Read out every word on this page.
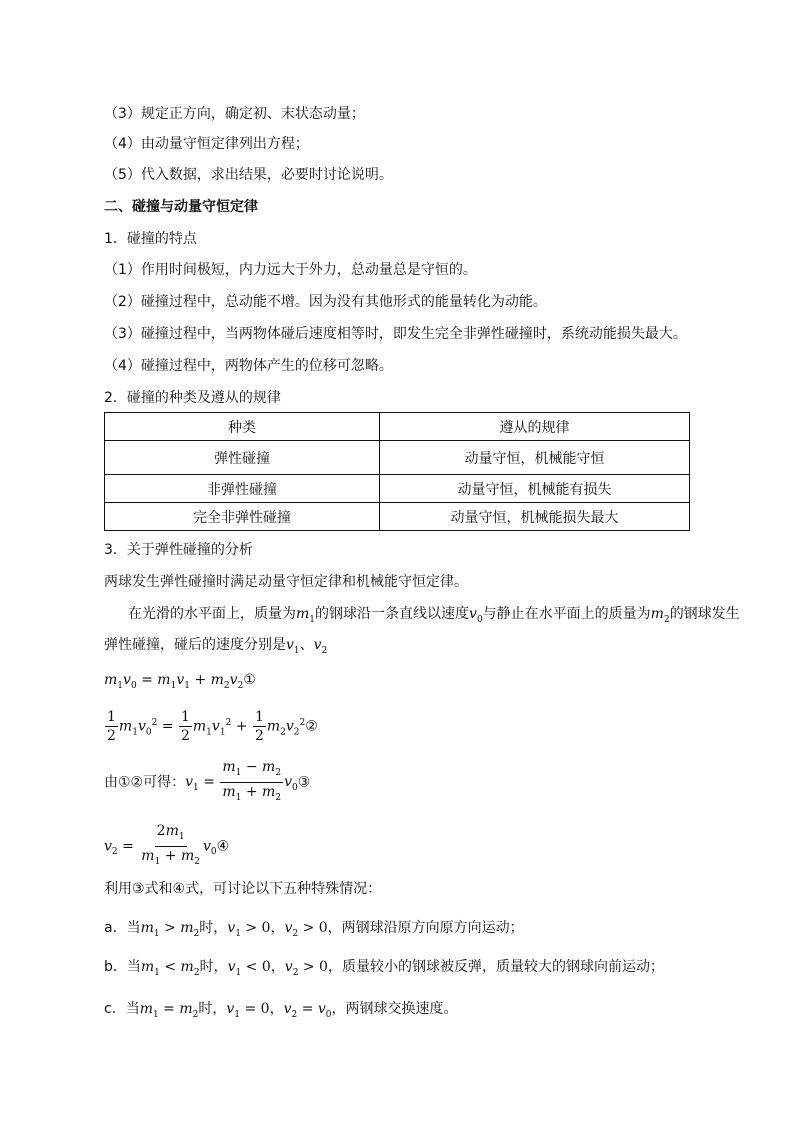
（3）规定正方向，确定初、末状态动量；
（4）由动量守恒定律列出方程；
（5）代入数据，求出结果，必要时讨论说明。
二、碰撞与动量守恒定律
1．碰撞的特点
（1）作用时间极短，内力远大于外力，总动量总是守恒的。
（2）碰撞过程中，总动能不增。因为没有其他形式的能量转化为动能。
（3）碰撞过程中，当两物体碰后速度相等时，即发生完全非弹性碰撞时，系统动能损失最大。
（4）碰撞过程中，两物体产生的位移可忽略。
2．碰撞的种类及遵从的规律
种类	遵从的规律
弹性碰撞	动量守恒，机械能守恒
非弹性碰撞	动量守恒，机械能有损失
完全非弹性碰撞	动量守恒，机械能损失最大
3．关于弹性碰撞的分析
两球发生弹性碰撞时满足动量守恒定律和机械能守恒定律。
在光滑的水平面上，质量为$m_1$的钢球沿一条直线以速度$v_0$与静止在水平面上的质量为$m_2$的钢球发生
弹性碰撞，碰后的速度分别是$v_1$、$v_2$
$m_1v_0 = m_1v_1$ + $m_2v_2①$
$\frac{1}{2} m_1v_0^2 = \frac{1}{2} m_1v_1^2 + \frac{1}{2}$ $m_2v_2^2②$
由①②可得：$v_1 = \frac{m_1 - m_2}{m_1 + m_2}$ $v_0③$
$v_2 = \frac{2m_1}{m_1 + m_2}$ $v_0④$
利用③式和④式，可讨论以下五种特殊情况：
a．当$m_1 > m_2$时，$v_1 > 0$，$v_2 > 0$，两钢球沿原方向原方向运动；
b．当$m_1 < m_2$时，$v_1 < 0$，$v_2 > 0$，质量较小的钢球被反弹，质量较大的钢球向前运动；
c．当$m_1 = m_2$时，$v_1 = 0$，$v_2 = v_0$，两钢球交换速度。
